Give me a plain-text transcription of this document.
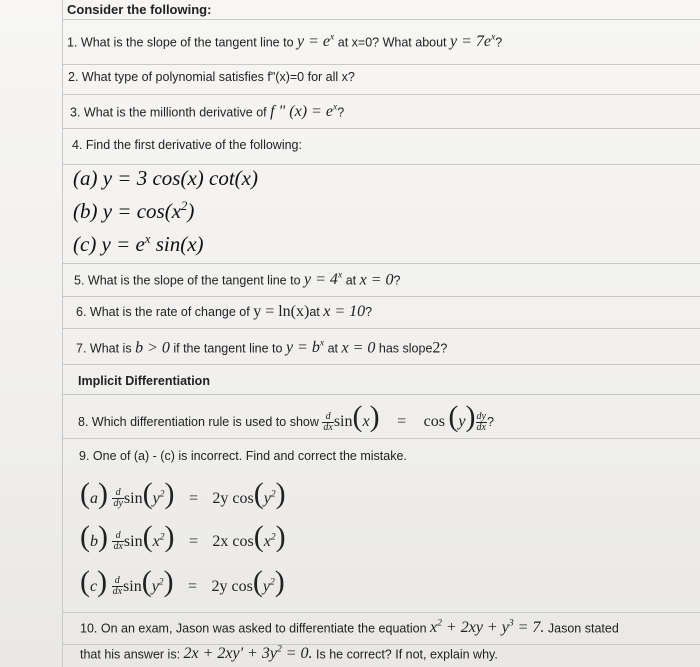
Consider the following:
1. What is the slope of the tangent line to $y = e^x$ at x=0? What about $y = 7e^x$?
2. What type of polynomial satisfies f"(x)=0 for all x?
3. What is the millionth derivative of f " $(x) = e^x$?
4. Find the first derivative of the following:
(a) y = 3 cos(x) cot(x)
(b) $y = \cos(x^2)$
(c) $y = e^x$ sin(x)
5. What is the slope of the tangent line to $y = 4^x$ at x = 0?
6. What is the rate of change of y = ln(x)at x = 10?
7. What is b > 0 if the tangent line to $y = b^x$ at x = 0 has slope2?
Implicit Differentiation
8. Which differentiation rule is used to show $\frac{d}{dx} \sin(x) = \cos (y) \frac{dy}{dx}$ ?
9. One of (a) - (c) is incorrect. Find and correct the mistake.
$(a) \frac{d}{dy} \sin(y^2) = 2y$ $\cos(y^2)$
$(b) \frac{d}{dx} \sin(x^2) = 2x$ $\cos(x^2)$
$(c) \frac{d}{dx} \sin(y^2) = 2y$ $\cos(y^2)$
10. On an exam, Jason was asked to differentiate the equation $x^2 + 2xy + y^3 = 7$. Jason stated
that his answer is: $2x + 2xy' + 3y^2 = 0$. Is he correct? If not, explain why.
